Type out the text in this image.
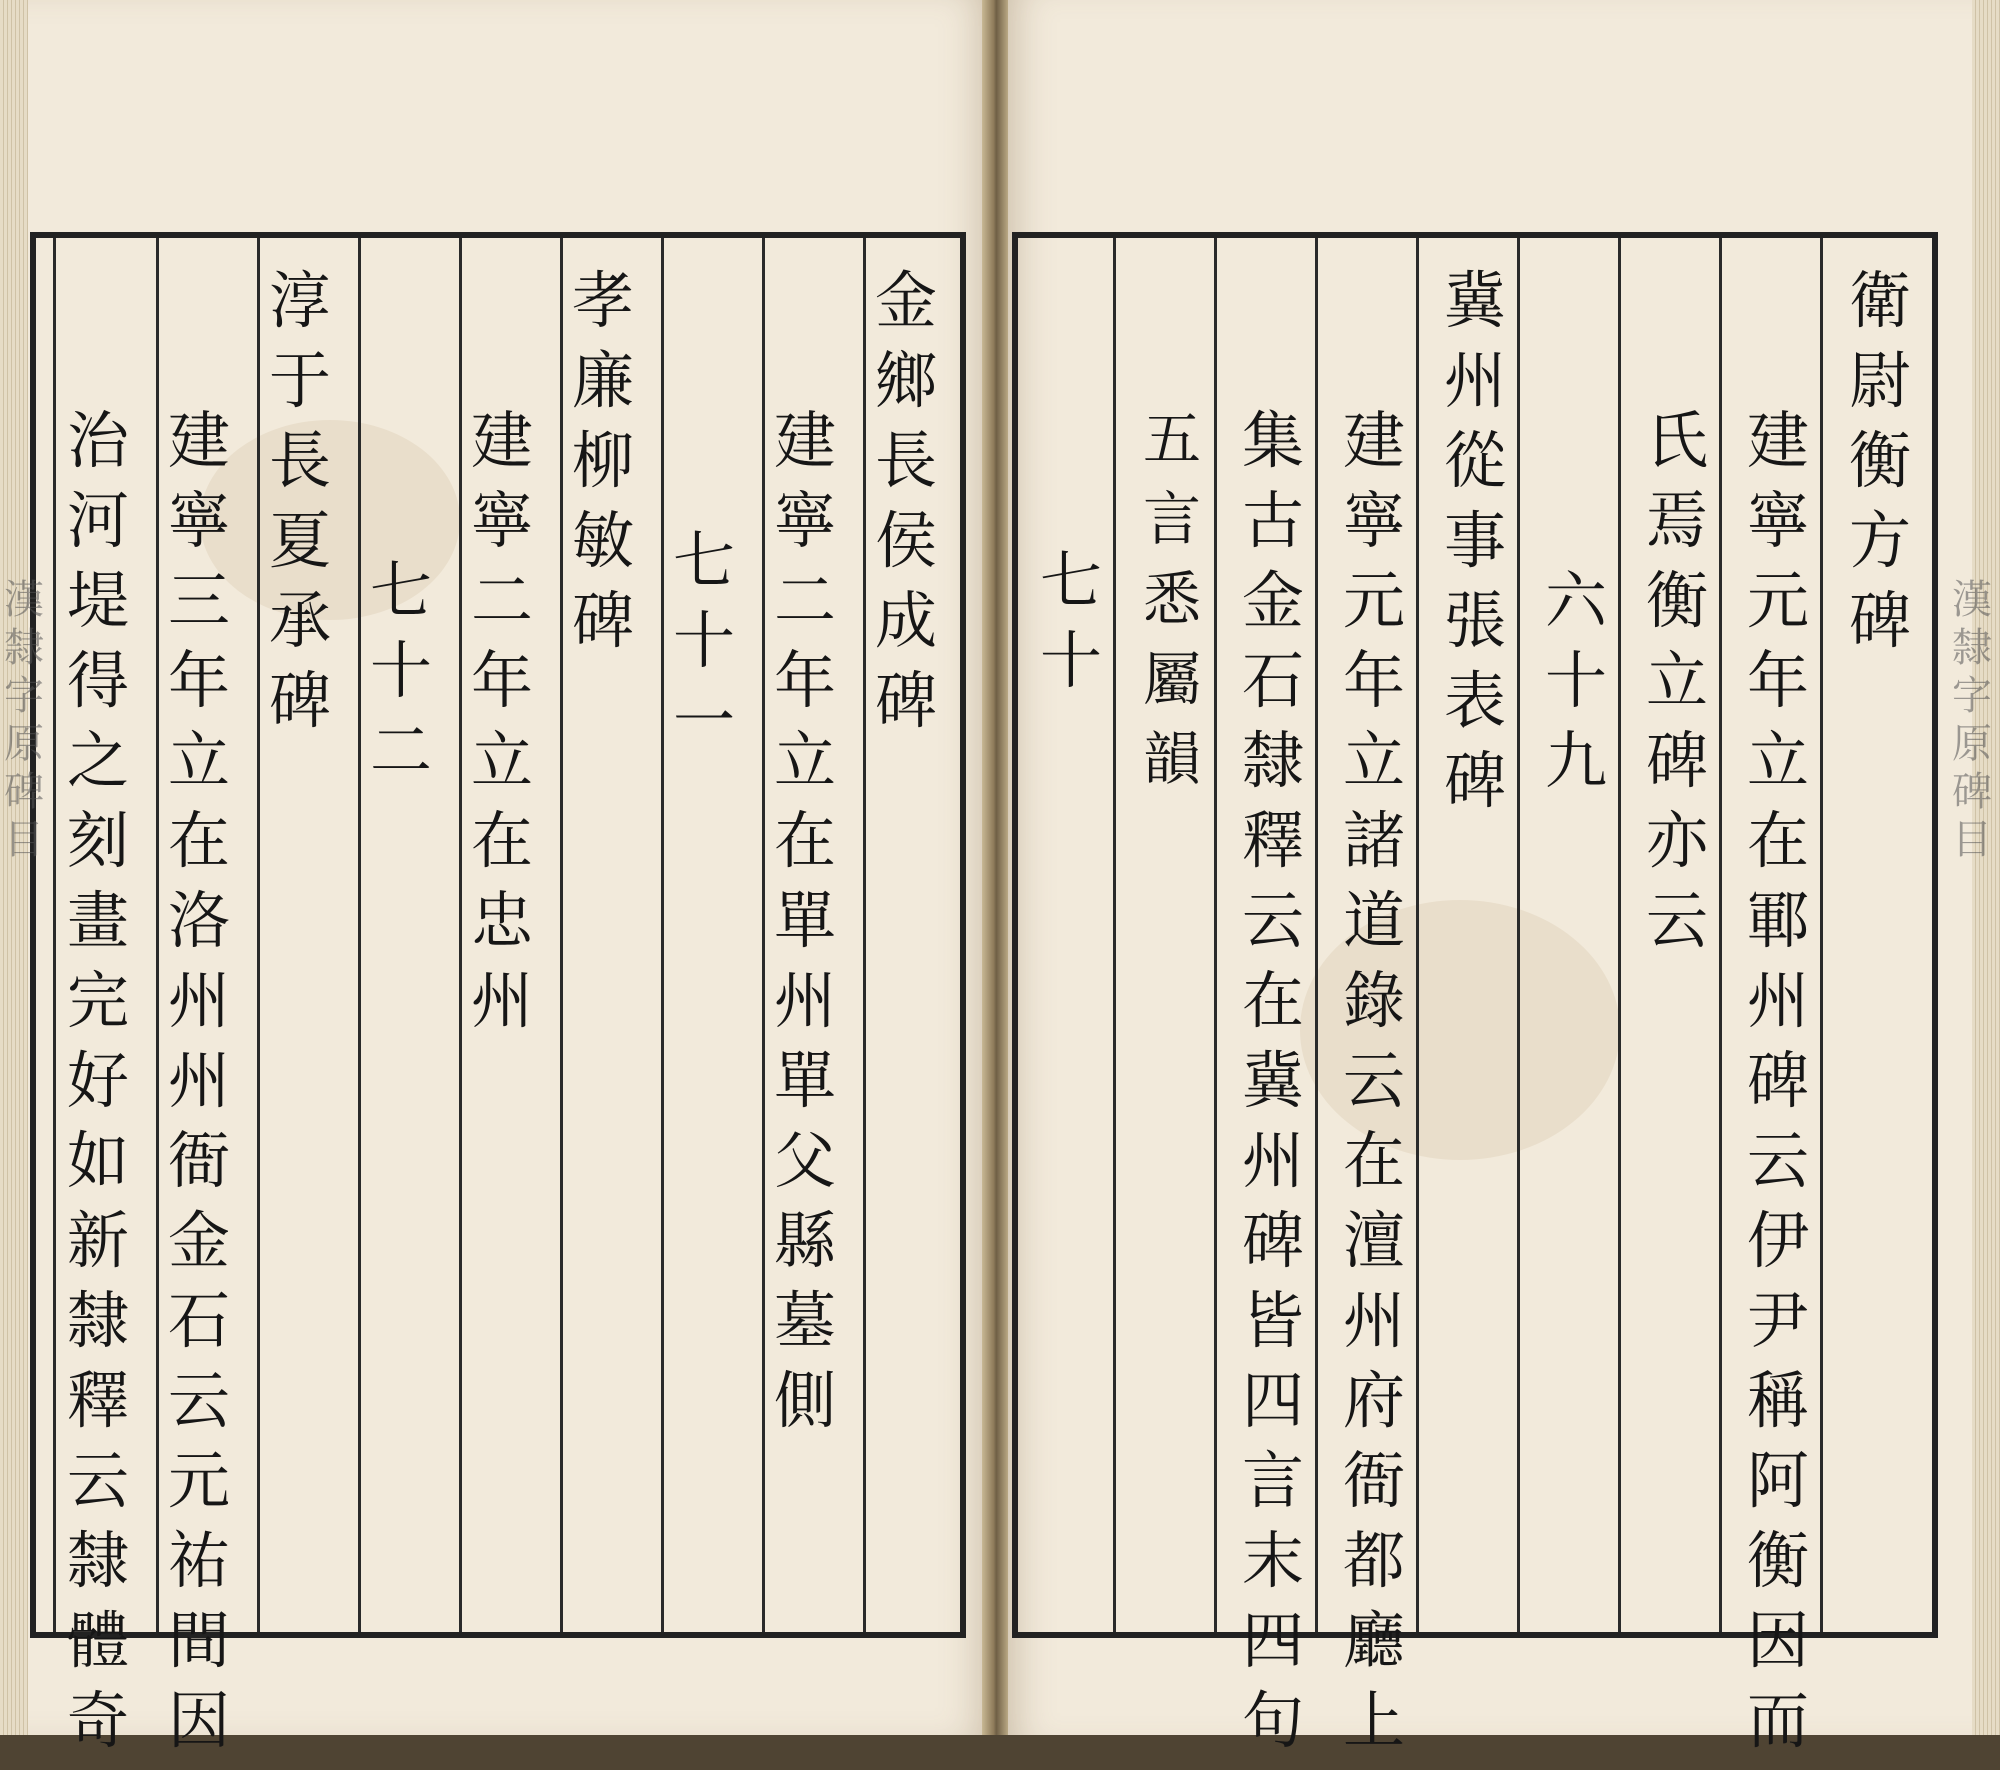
衛
尉
衡
方
碑
建
寧
元
年
立
在
鄆
州
碑
云
伊
尹
稱
阿
衡
因
而
氏
焉
衡
立
碑
亦
云
六
十
九
冀
州
從
事
張
表
碑
建
寧
元
年
立
諸
道
錄
云
在
澶
州
府
衙
都
廳
上
集
古
金
石
隸
釋
云
在
冀
州
碑
皆
四
言
末
四
句
五
言
悉
屬
韻
七
十
金
鄉
長
侯
成
碑
建
寧
二
年
立
在
單
州
單
父
縣
墓
側
七
十
一
孝
廉
柳
敏
碑
建
寧
二
年
立
在
忠
州
七
十
二
淳
于
長
夏
承
碑
建
寧
三
年
立
在
洛
州
州
衙
金
石
云
元
祐
間
因
治
河
堤
得
之
刻
畫
完
好
如
新
隸
釋
云
隸
體
奇
漢
隸
字
原
碑
目
漢
隸
字
原
碑
目
